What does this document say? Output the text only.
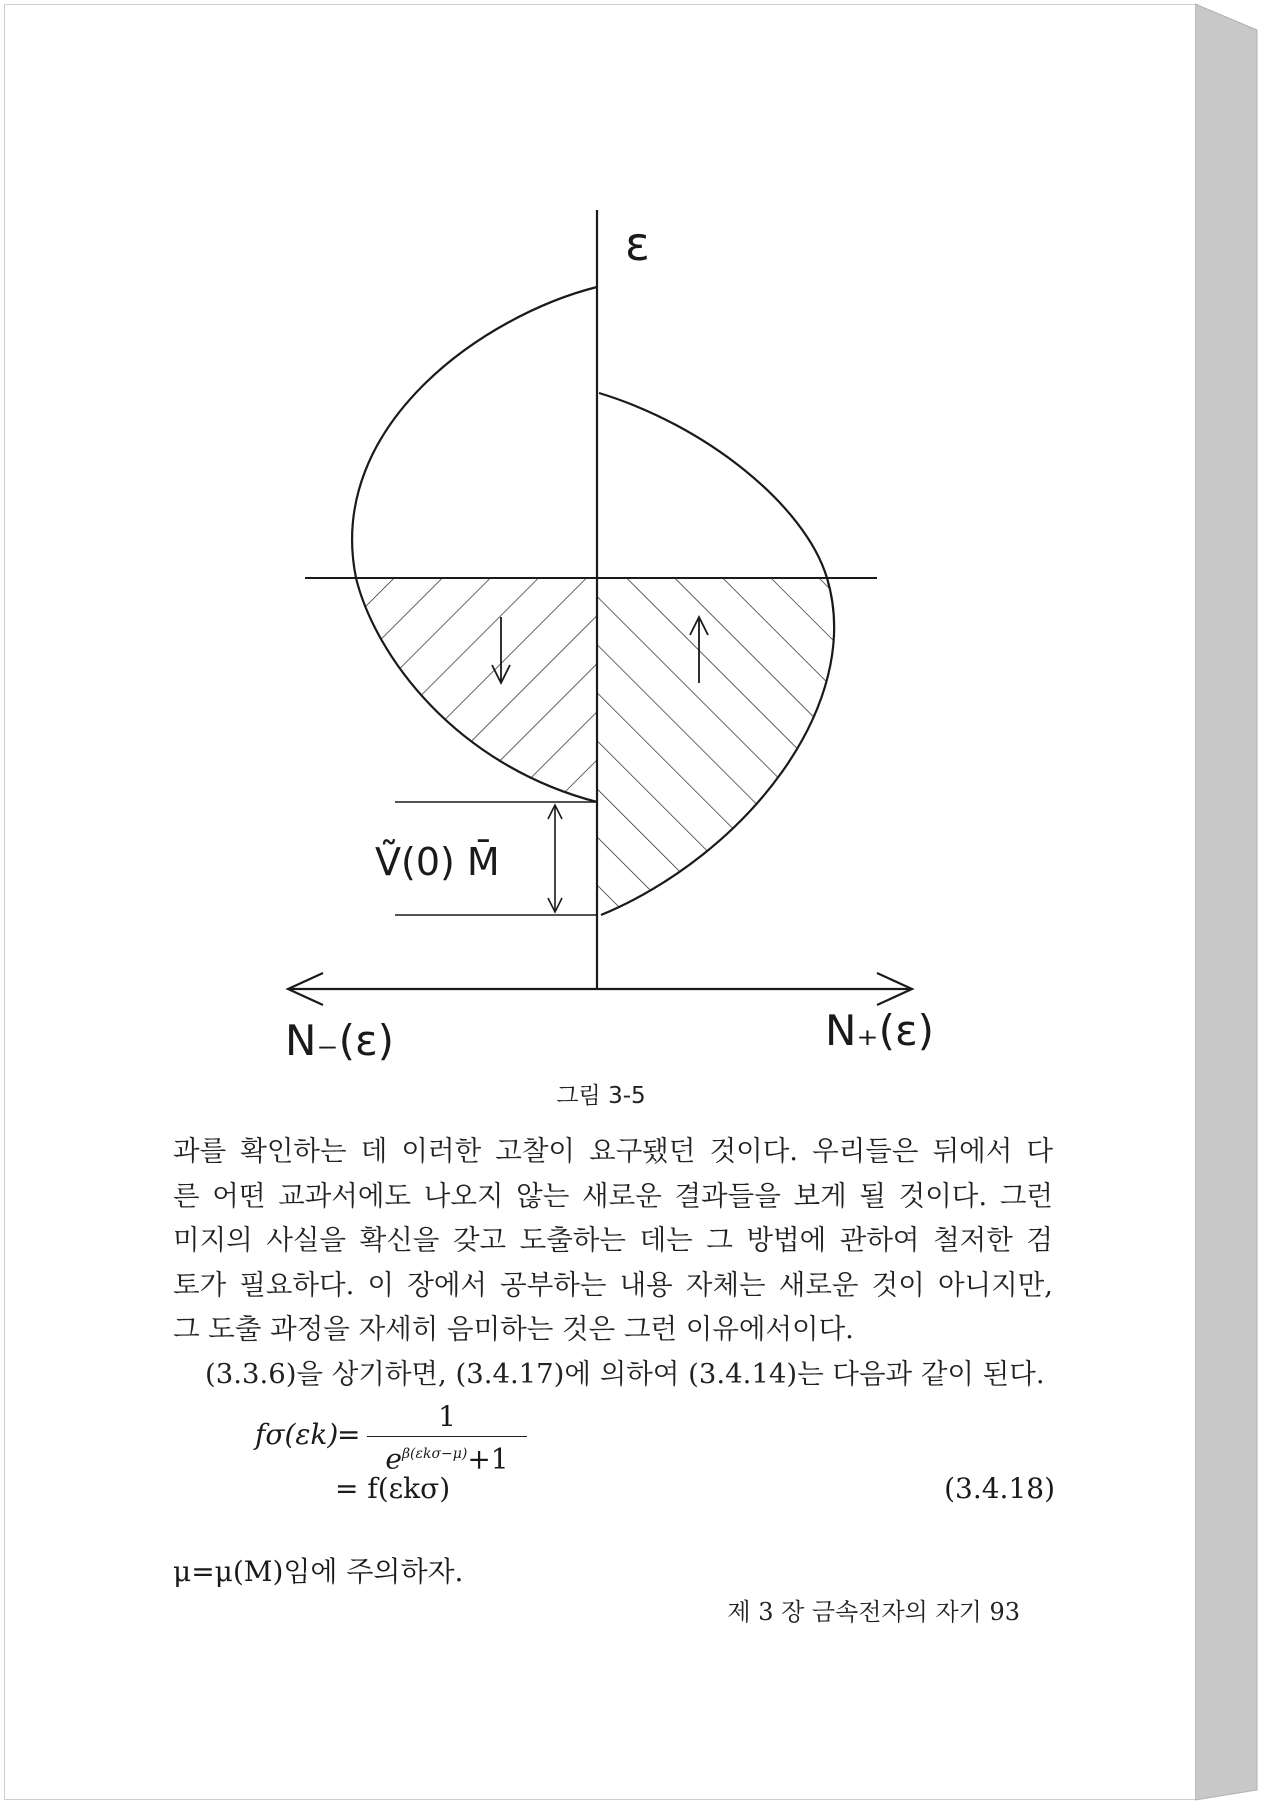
ε
Ṽ(0) M̄
N₋(ε)	N₊(ε)
그림 3-5
과를 확인하는 데 이러한 고찰이 요구됐던 것이다. 우리들은 뒤에서 다
른 어떤 교과서에도 나오지 않는 새로운 결과들을 보게 될 것이다. 그런
미지의 사실을 확신을 갖고 도출하는 데는 그 방법에 관하여 철저한 검
토가 필요하다. 이 장에서 공부하는 내용 자체는 새로운 것이 아니지만,
그 도출 과정을 자세히 음미하는 것은 그런 이유에서이다.
(3.3.6)을 상기하면, (3.4.17)에 의하여 (3.4.14)는 다음과 같이 된다.
fσ(εk)
=
1
$e^{\beta(\varepsilon k\sigma-\mu)}+1$
= f(εkσ)	(3.4.18)
μ=μ(M)임에 주의하자.
제 3 장 금속전자의 자기 93
